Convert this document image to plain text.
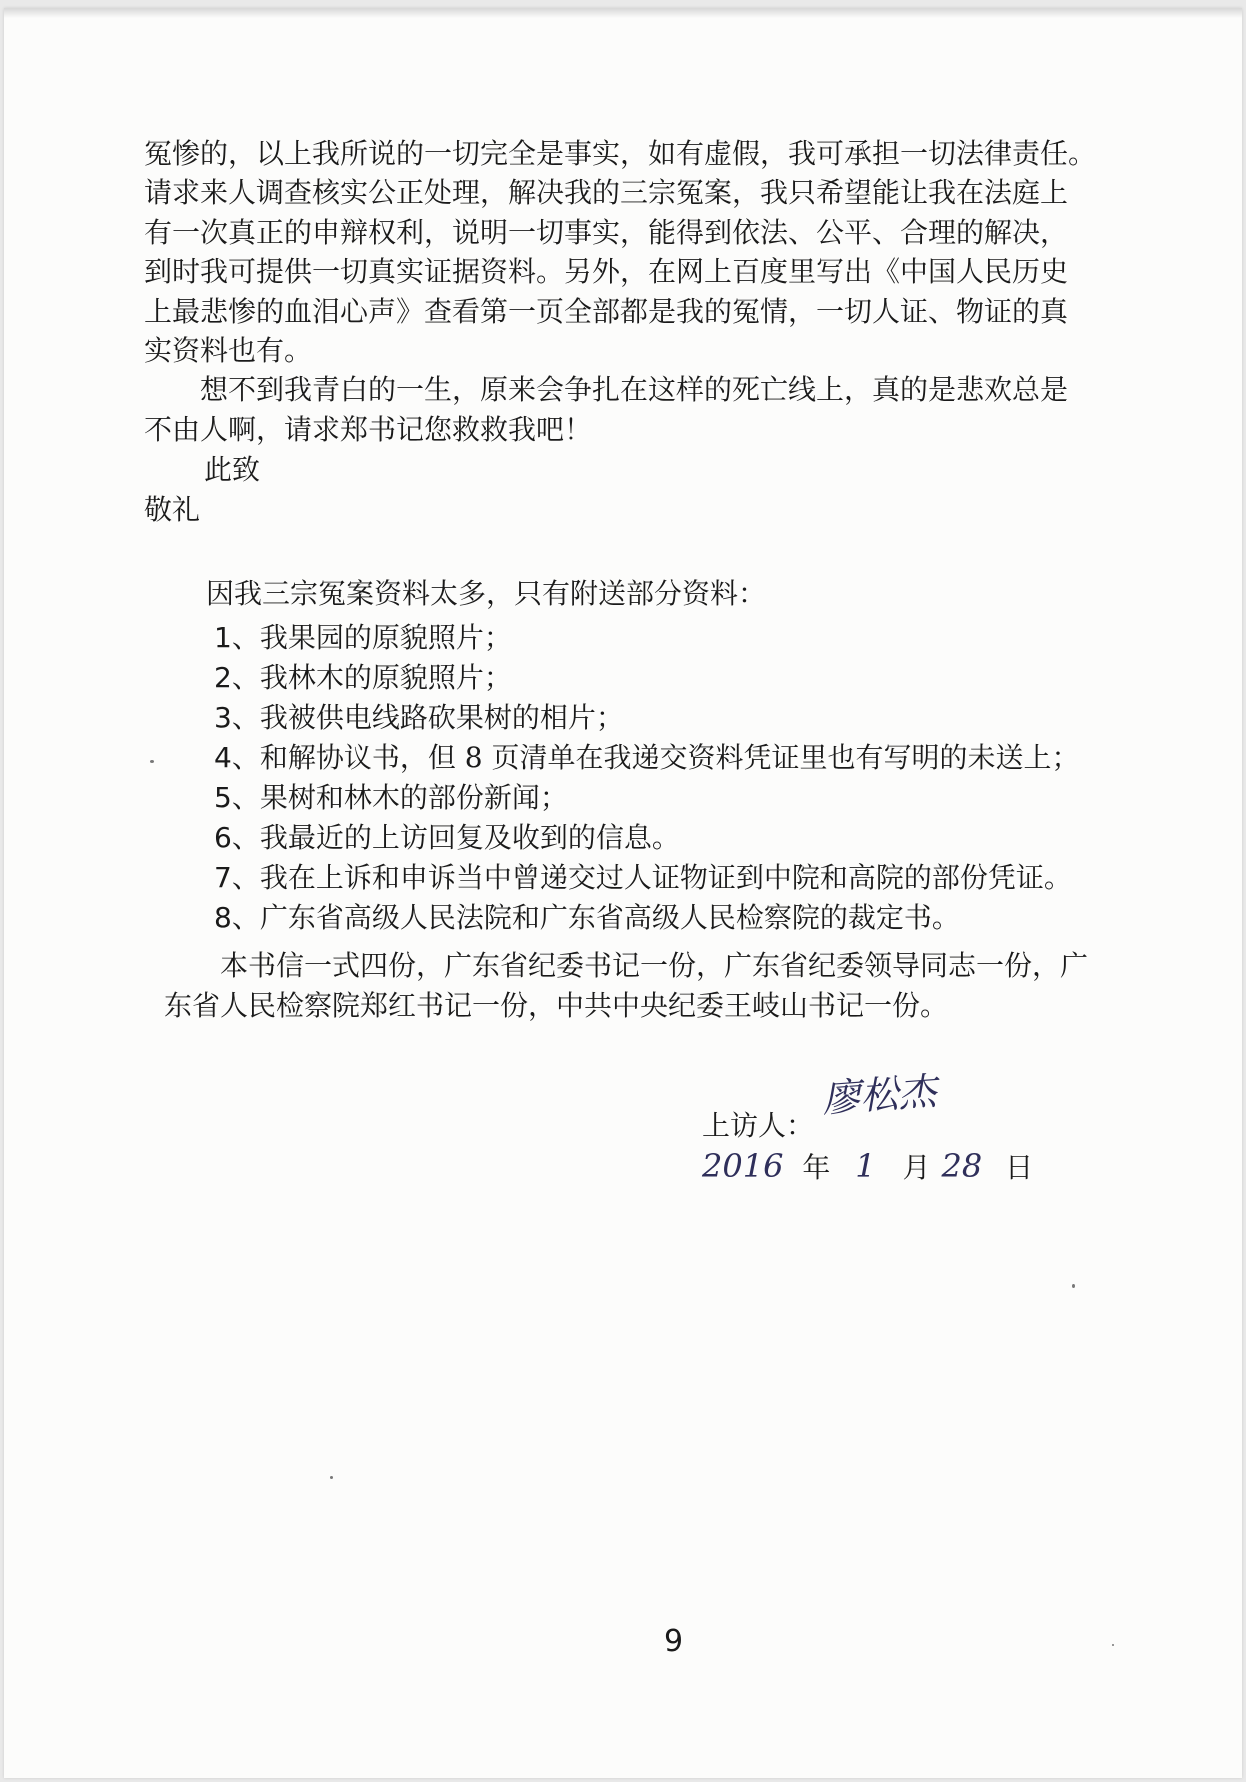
冤惨的，以上我所说的一切完全是事实，如有虚假，我可承担一切法律责任。
请求来人调查核实公正处理，解决我的三宗冤案，我只希望能让我在法庭上
有一次真正的申辩权利，说明一切事实，能得到依法、公平、合理的解决，
到时我可提供一切真实证据资料。另外，在网上百度里写出《中国人民历史
上最悲惨的血泪心声》查看第一页全部都是我的冤情，一切人证、物证的真
实资料也有。
想不到我青白的一生，原来会争扎在这样的死亡线上，真的是悲欢总是
不由人啊，请求郑书记您救救我吧！
此致
敬礼
因我三宗冤案资料太多，只有附送部分资料：
1、我果园的原貌照片；
2、我林木的原貌照片；
3、我被供电线路砍果树的相片；
4、和解协议书，但 8 页清单在我递交资料凭证里也有写明的未送上；
5、果树和林木的部份新闻；
6、我最近的上访回复及收到的信息。
7、我在上诉和申诉当中曾递交过人证物证到中院和高院的部份凭证。
8、广东省高级人民法院和广东省高级人民检察院的裁定书。
本书信一式四份，广东省纪委书记一份，广东省纪委领导同志一份，广
东省人民检察院郑红书记一份，中共中央纪委王岐山书记一份。
廖松杰
上访人：
2016 年 1 月 28 日
9
